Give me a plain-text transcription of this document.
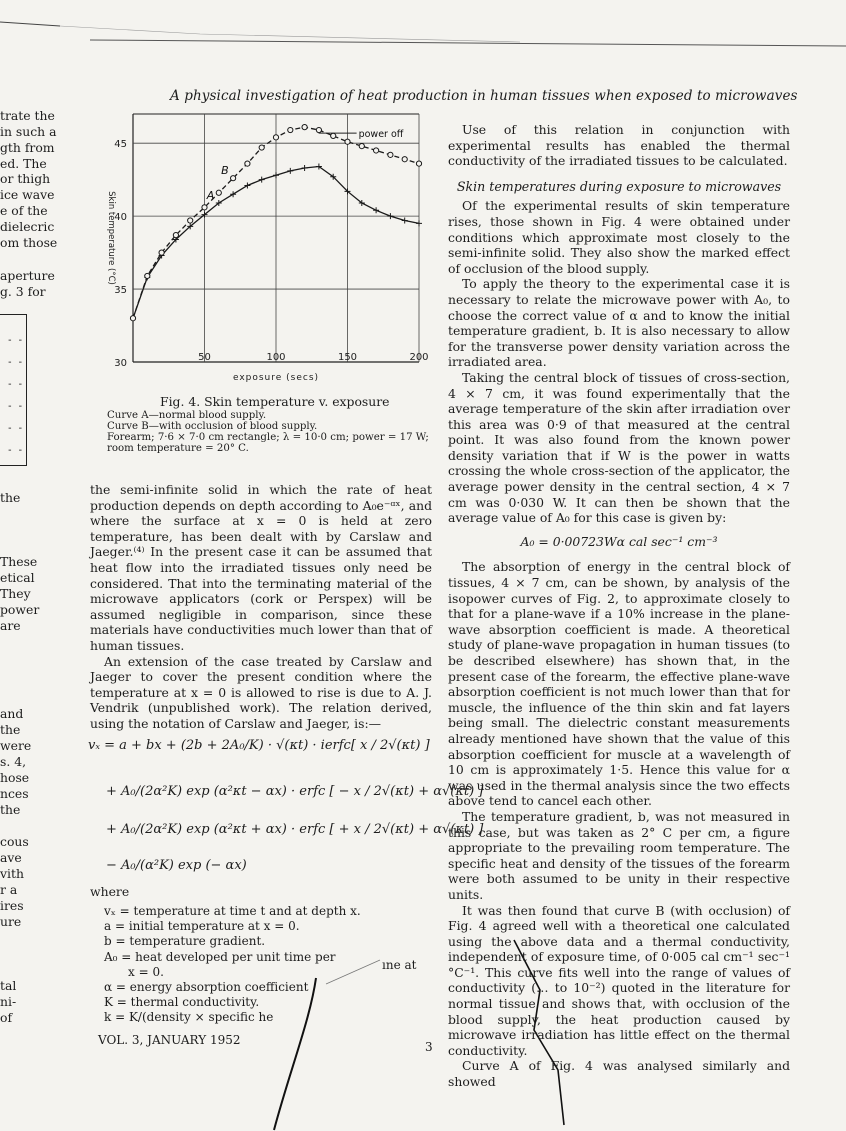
A physical investigation of heat production in human tissues when exposed to microwaves
trate the
in such a
gth from
ed. The
or thigh
ice wave
e of the
dielecric
om those
aperture
g. 3 for
the
These
etical
They
power
are
and
the
were
s. 4,
hose
nces
the
cous
ave
vith
r a
ires
ure
tal
ni-
of
- -
- -
- -
- -
- -
- -
30
35
40
45
50	100	150	200
A
B
power off
exposure (secs)
Skin temperature (°C)
Fig. 4. Skin temperature v. exposure
Curve A—normal blood supply.
Curve B—with occlusion of blood supply.
Forearm; 7·6 × 7·0 cm rectangle; λ = 10·0 cm; power = 17 W;
room temperature = 20° C.

the semi-infinite solid in which the rate of heat production depends on depth according to A₀e⁻ᵅˣ, and where the surface at x = 0 is held at zero temperature, has been dealt with by Carslaw and Jaeger.⁽⁴⁾ In the present case it can be assumed that heat flow into the irradiated tissues only need be considered. That into the terminating material of the microwave applicators (cork or Perspex) will be assumed negligible in comparison, since these materials have conductivities much lower than that of human tissues.

An extension of the case treated by Carslaw and Jaeger to cover the present condition where the temperature at x = 0 is allowed to rise is due to A. J. Vendrik (unpublished work). The relation derived, using the notation of Carslaw and Jaeger, is:—

vₓ = a + bx + (2b + 2A₀/K) · √(κt) · ierfc[ x / 2√(κt) ]
+ A₀/(2α²K) exp (α²κt − αx) · erfc [ − x / 2√(κt) + α√(κt) ]
+ A₀/(2α²K) exp (α²κt + αx) · erfc [ + x / 2√(κt) + α√(κt) ]
− A₀/(α²K) exp (− αx)
where
vₓ = temperature at time t and at depth x.
a = initial temperature at x = 0.
b = temperature gradient.
A₀ = heat developed per unit time per
x = 0.
α = energy absorption coefficient
K = thermal conductivity.
k = K/(density × specific he
ıne at

Use of this relation in conjunction with experimental results has enabled the thermal conductivity of the irradiated tissues to be calculated.

Skin temperatures during exposure to microwaves

Of the experimental results of skin temperature rises, those shown in Fig. 4 were obtained under conditions which approximate most closely to the semi-infinite solid. They also show the marked effect of occlusion of the blood supply.

To apply the theory to the experimental case it is necessary to relate the microwave power with A₀, to choose the correct value of α and to know the initial temperature gradient, b. It is also necessary to allow for the transverse power density variation across the irradiated area.

Taking the central block of tissues of cross-section, 4 × 7 cm, it was found experimentally that the average temperature of the skin after irradiation over this area was 0·9 of that measured at the central point. It was also found from the known power density variation that if W is the power in watts crossing the whole cross-section of the applicator, the average power density in the central section, 4 × 7 cm was 0·030 W. It can then be shown that the average value of A₀ for this case is given by:

A₀ = 0·00723Wα cal sec⁻¹ cm⁻³

The absorption of energy in the central block of tissues, 4 × 7 cm, can be shown, by analysis of the isopower curves of Fig. 2, to approximate closely to that for a plane-wave if a 10% increase in the plane-wave absorption coefficient is made. A theoretical study of plane-wave propagation in human tissues (to be described elsewhere) has shown that, in the present case of the forearm, the effective plane-wave absorption coefficient is not much lower than that for muscle, the influence of the thin skin and fat layers being small. The dielectric constant measurements already mentioned have shown that the value of this absorption coefficient for muscle at a wavelength of 10 cm is approximately 1·5. Hence this value for α was used in the thermal analysis since the two effects above tend to cancel each other.

The temperature gradient, b, was not measured in this case, but was taken as 2° C per cm, a figure appropriate to the prevailing room temperature. The specific heat and density of the tissues of the forearm were both assumed to be unity in their respective units.

It was then found that curve B (with occlusion) of Fig. 4 agreed well with a theoretical one calculated using the above data and a thermal conductivity, independent of exposure time, of 0·005 cal cm⁻¹ sec⁻¹ °C⁻¹. This curve fits well into the range of values of conductivity (… to 10⁻²) quoted in the literature for normal tissue and shows that, with occlusion of the blood supply, the heat production caused by microwave irradiation has little effect on the thermal conductivity.

Curve A of Fig. 4 was analysed similarly and showed

VOL. 3, JANUARY 1952	3
